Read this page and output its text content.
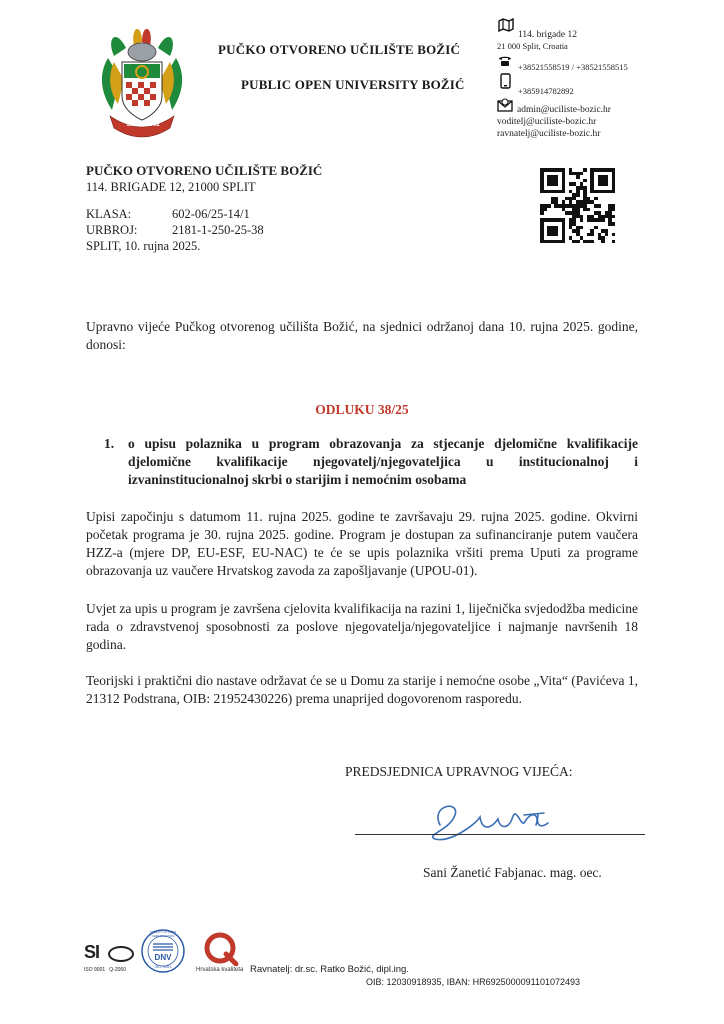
SINCE 2002
PUČKO OTVORENO UČILIŠTE BOŽIĆ
PUBLIC OPEN UNIVERSITY BOŽIĆ
114. brigade 12
21 000 Split, Croatia
+38521558519 / +38521558515
+385914782892
admin@uciliste-bozic.hr
voditelj@uciliste-bozic.hr
ravnatelj@uciliste-bozic.hr
PUČKO OTVORENO UČILIŠTE BOŽIĆ
114. BRIGADE 12, 21000 SPLIT
KLASA:	602-06/25-14/1
URBROJ:	2181-1-250-25-38
SPLIT, 10. rujna 2025.
Upravno vijeće Pučkog otvorenog učilišta Božić, na sjednici održanoj dana 10. rujna 2025. godine, donosi:
ODLUKU 38/25
1. o upisu polaznika u program obrazovanja za stjecanje djelomične kvalifikacije djelomične kvalifikacije njegovatelj/njegovateljica u institucionalnoj i izvaninstitucionalnoj skrbi o starijim i nemoćnim osobama
Upisi započinju s datumom 11. rujna 2025. godine te završavaju 29. rujna 2025. godine. Okvirni početak programa je 30. rujna 2025. godine. Program je dostupan za sufinanciranje putem vaučera HZZ-a (mjere DP, EU-ESF, EU-NAC) te će se upis polaznika vršiti prema Uputi za programe obrazovanja uz vaučere Hrvatskog zavoda za zapošljavanje (UPOU-01).
Uvjet za upis u program je završena cjelovita kvalifikacija na razini 1, liječnička svjedodžba medicine rada o zdravstvenoj sposobnosti za poslove njegovatelja/njegovateljice i najmanje navršenih 18 godina.
Teorijski i praktični dio nastave održavat će se u Domu za starije i nemoćne osobe „Vita“ (Pavićeva 1, 21312 Podstrana, OIB: 21952430226) prema unaprijed dogovorenom rasporedu.
PREDSJEDNICA UPRAVNOG VIJEĆA:
Sani Žanetić Fabjanac. mag. oec.
SI
ISO 9001   Q-2060
QUALITY SYSTEM CERTIFICATION
DNV
ISO 9001
Hrvatska kvaliteta Ravnatelj: dr.sc. Ratko Božić, dipl.ing.
OIB: 12030918935, IBAN: HR6925000091101072493
